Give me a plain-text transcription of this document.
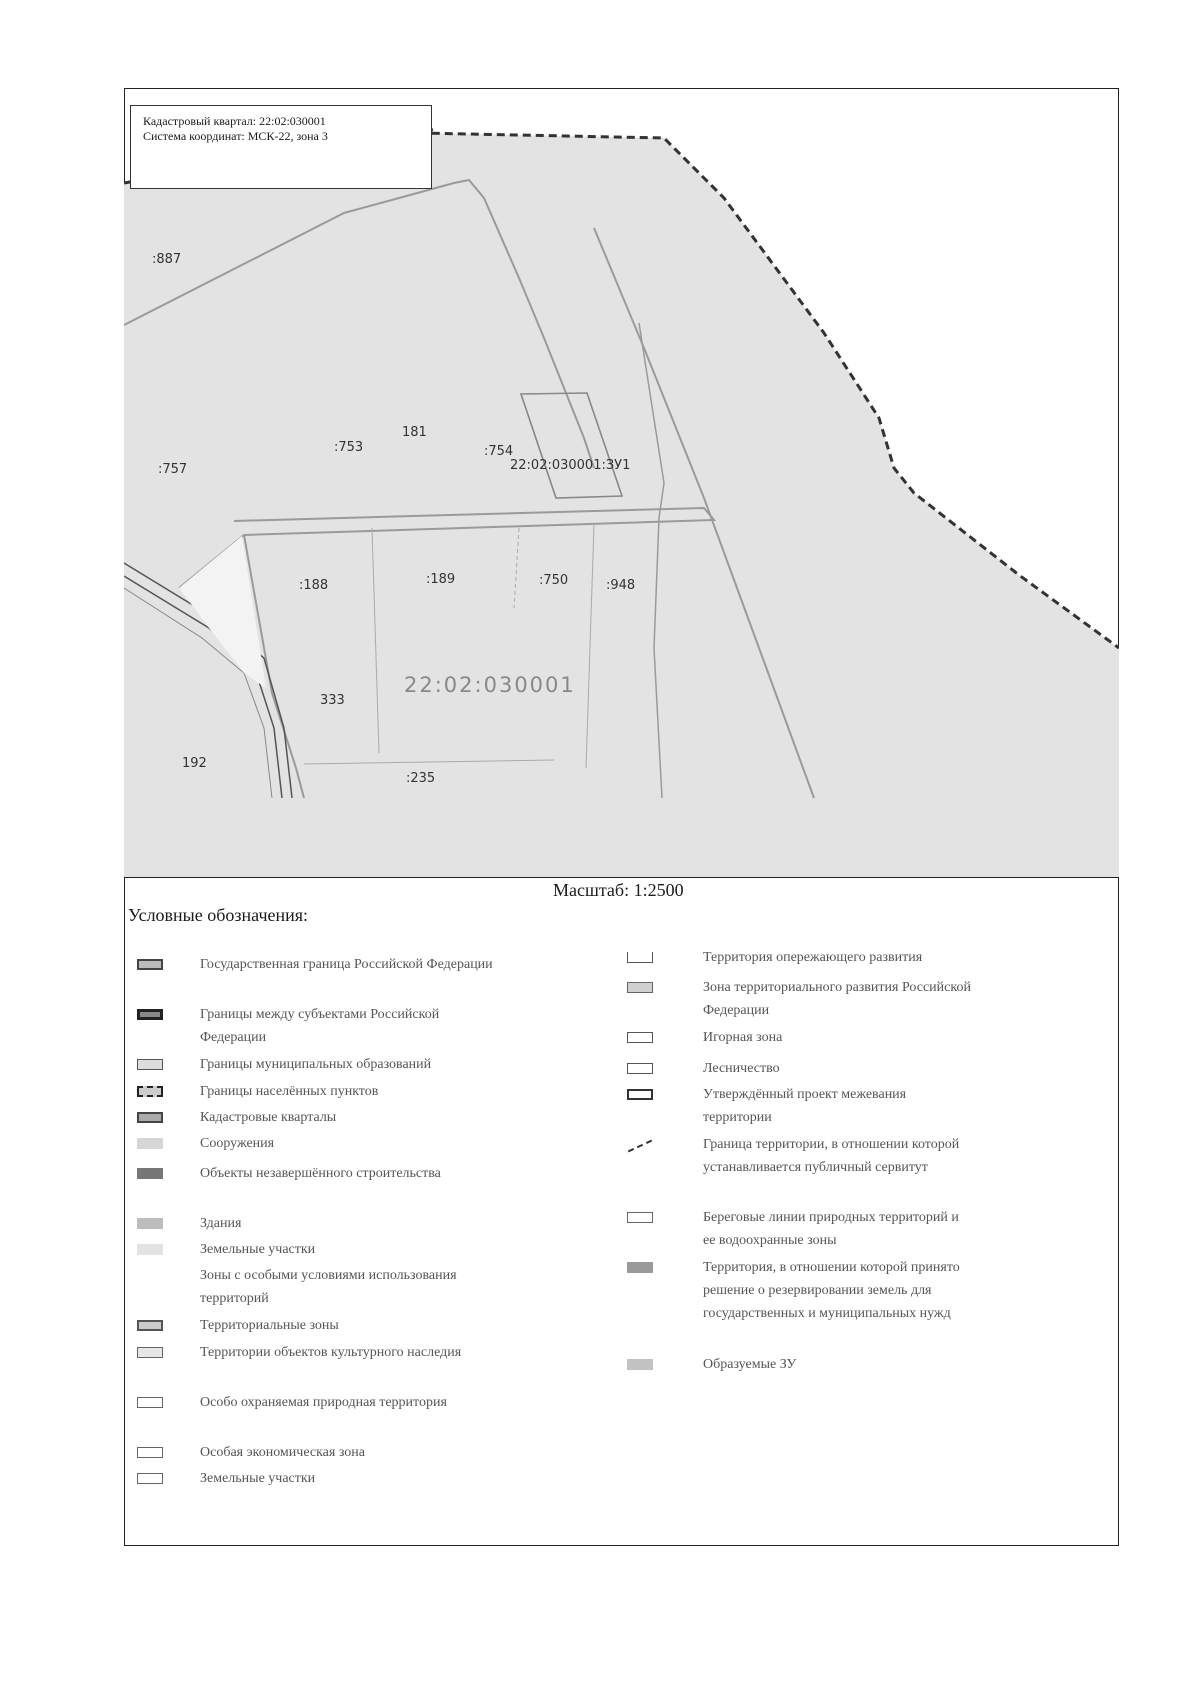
:887
:757
:753
181
:754
22:02:030001:ЗУ1
:188	:189	:750	:948
333
192
:235
22:02:030001
Кадастровый квартал: 22:02:030001
Система координат: МСК-22, зона 3
Масштаб: 1:2500
Условные обозначения:
Государственная граница Российской Федерации
Границы между субъектами Российской Федерации
Границы муниципальных образований
Границы населённых пунктов
Кадастровые кварталы
Сооружения
Объекты незавершённого строительства
Здания
Земельные участки
Зоны с особыми условиями использования территорий
Территориальные зоны
Территории объектов культурного наследия
Особо охраняемая природная территория
Особая экономическая зона
Земельные участки
Территория опережающего развития
Зона территориального развития Российской Федерации
Игорная зона
Лесничество
Утверждённый проект межевания территории
Граница территории, в отношении которой устанавливается публичный сервитут
Береговые линии природных территорий и ее водоохранные зоны
Территория, в отношении которой принято решение о резервировании земель для государственных и муниципальных нужд
Образуемые ЗУ
